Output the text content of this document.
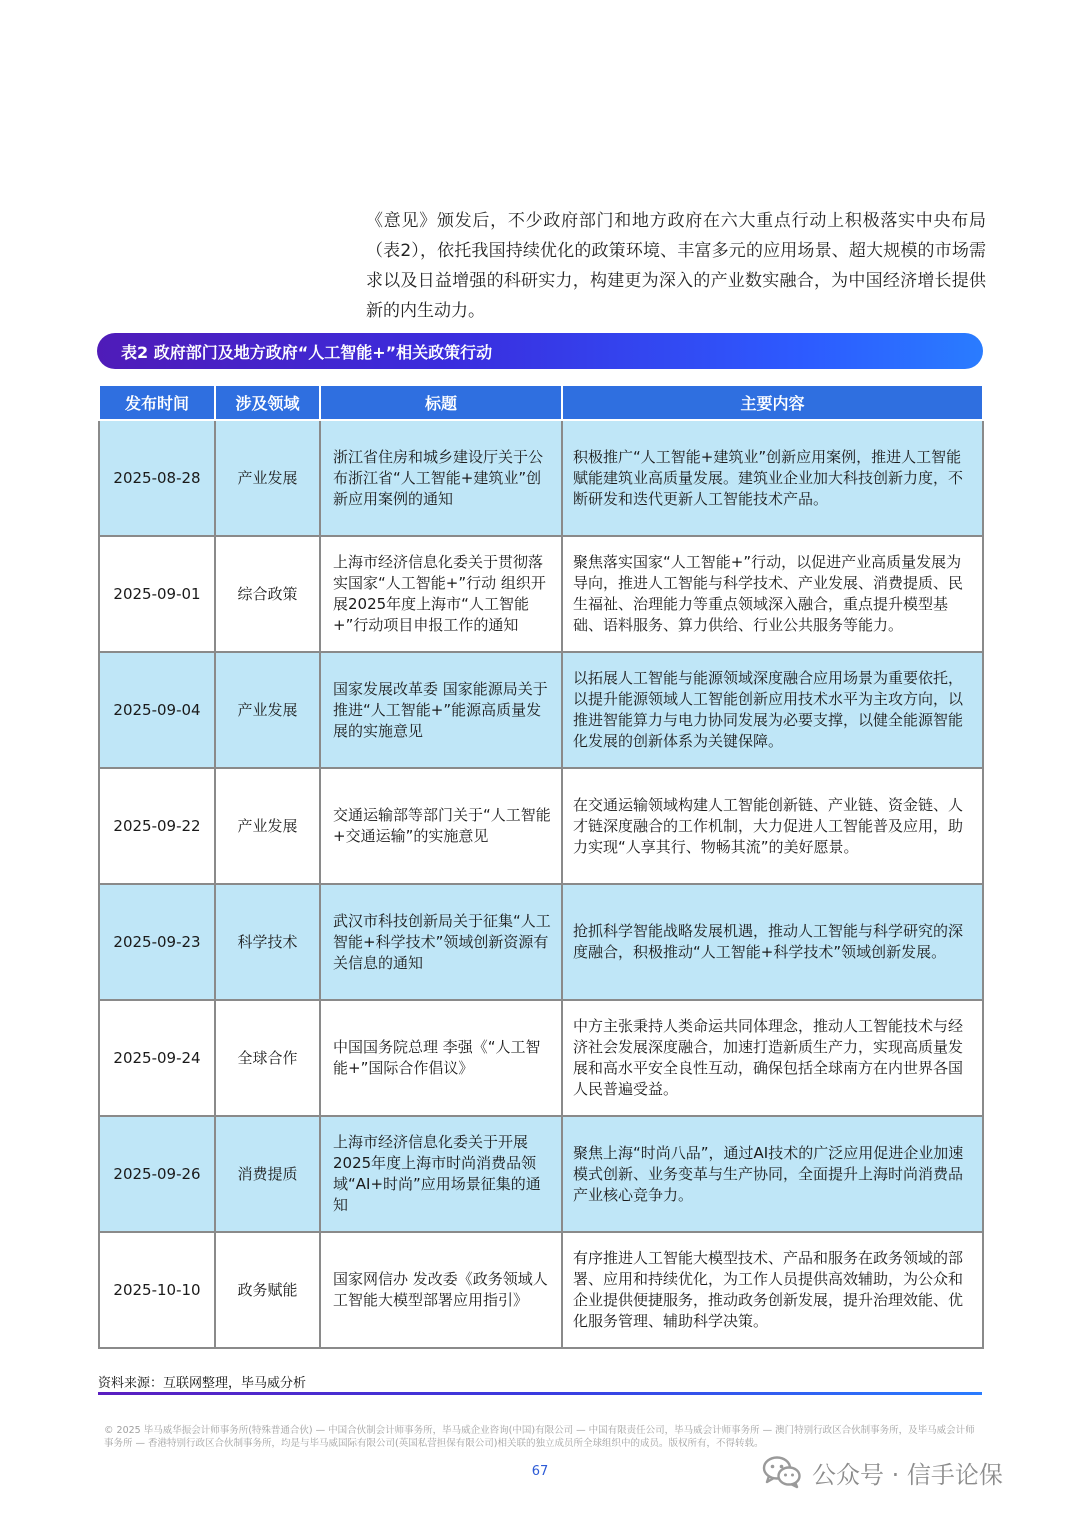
《意见》颁发后，不少政府部门和地方政府在六大重点行动上积极落实中央布局（表2），依托我国持续优化的政策环境、丰富多元的应用场景、超大规模的市场需求以及日益增强的科研实力，构建更为深入的产业数实融合，为中国经济增长提供新的内生动力。

表2 政府部门及地方政府“人工智能+”相关政策行动
发布时间	涉及领域	标题	主要内容
2025-08-28	产业发展	浙江省住房和城乡建设厅关于公布浙江省“人工智能+建筑业”创新应用案例的通知	积极推广“人工智能+建筑业”创新应用案例，推进人工智能赋能建筑业高质量发展。建筑业企业加大科技创新力度，不断研发和迭代更新人工智能技术产品。
2025-09-01	综合政策	上海市经济信息化委关于贯彻落实国家“人工智能+”行动 组织开展2025年度上海市“人工智能+”行动项目申报工作的通知	聚焦落实国家“人工智能+”行动，以促进产业高质量发展为导向，推进人工智能与科学技术、产业发展、消费提质、民生福祉、治理能力等重点领域深入融合，重点提升模型基础、语料服务、算力供给、行业公共服务等能力。
2025-09-04	产业发展	国家发展改革委 国家能源局关于推进“人工智能+”能源高质量发展的实施意见	以拓展人工智能与能源领域深度融合应用场景为重要依托，以提升能源领域人工智能创新应用技术水平为主攻方向，以推进智能算力与电力协同发展为必要支撑，以健全能源智能化发展的创新体系为关键保障。
2025-09-22	产业发展	交通运输部等部门关于“人工智能+交通运输”的实施意见	在交通运输领域构建人工智能创新链、产业链、资金链、人才链深度融合的工作机制，大力促进人工智能普及应用，助力实现“人享其行、物畅其流”的美好愿景。
2025-09-23	科学技术	武汉市科技创新局关于征集“人工智能+科学技术”领域创新资源有关信息的通知	抢抓科学智能战略发展机遇，推动人工智能与科学研究的深度融合，积极推动“人工智能+科学技术”领域创新发展。
2025-09-24	全球合作	中国国务院总理 李强《“人工智能+”国际合作倡议》	中方主张秉持人类命运共同体理念，推动人工智能技术与经济社会发展深度融合，加速打造新质生产力，实现高质量发展和高水平安全良性互动，确保包括全球南方在内世界各国人民普遍受益。
2025-09-26	消费提质	上海市经济信息化委关于开展2025年度上海市时尚消费品领域“AI+时尚”应用场景征集的通知	聚焦上海“时尚八品”，通过AI技术的广泛应用促进企业加速模式创新、业务变革与生产协同，全面提升上海时尚消费品产业核心竞争力。
2025-10-10	政务赋能	国家网信办 发改委《政务领域人工智能大模型部署应用指引》	有序推进人工智能大模型技术、产品和服务在政务领域的部署、应用和持续优化，为工作人员提供高效辅助，为公众和企业提供便捷服务，推动政务创新发展，提升治理效能、优化服务管理、辅助科学决策。
资料来源：互联网整理，毕马威分析

© 2025 毕马威华振会计师事务所(特殊普通合伙) — 中国合伙制会计师事务所，毕马威企业咨询(中国)有限公司 — 中国有限责任公司，毕马威会计师事务所 — 澳门特别行政区合伙制事务所，及毕马威会计师事务所 — 香港特别行政区合伙制事务所，均是与毕马威国际有限公司(英国私营担保有限公司)相关联的独立成员所全球组织中的成员。版权所有，不得转载。

67	公众号 · 信手论保
